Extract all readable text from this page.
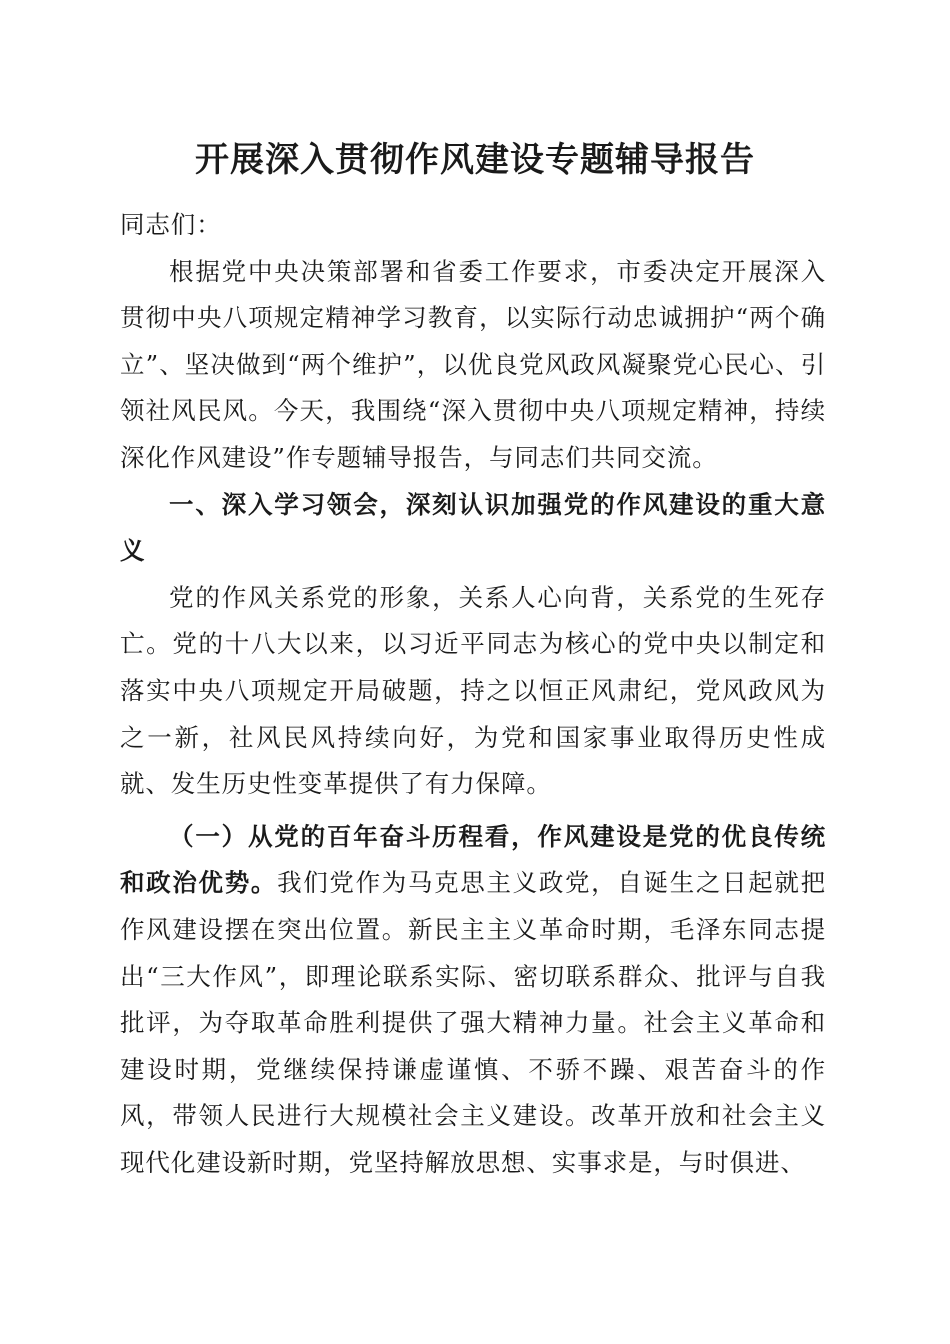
开展深入贯彻作风建设专题辅导报告

同志们：

根据党中央决策部署和省委工作要求，市委决定开展深入贯彻中央八项规定精神学习教育，以实际行动忠诚拥护“两个确立”、坚决做到“两个维护”，以优良党风政风凝聚党心民心、引领社风民风。今天，我围绕“深入贯彻中央八项规定精神，持续深化作风建设”作专题辅导报告，与同志们共同交流。

一、深入学习领会，深刻认识加强党的作风建设的重大意义

党的作风关系党的形象，关系人心向背，关系党的生死存亡。党的十八大以来，以习近平同志为核心的党中央以制定和落实中央八项规定开局破题，持之以恒正风肃纪，党风政风为之一新，社风民风持续向好，为党和国家事业取得历史性成就、发生历史性变革提供了有力保障。

（一）从党的百年奋斗历程看，作风建设是党的优良传统和政治优势。我们党作为马克思主义政党，自诞生之日起就把作风建设摆在突出位置。新民主主义革命时期，毛泽东同志提出“三大作风”，即理论联系实际、密切联系群众、批评与自我批评，为夺取革命胜利提供了强大精神力量。社会主义革命和建设时期，党继续保持谦虚谨慎、不骄不躁、艰苦奋斗的作风，带领人民进行大规模社会主义建设。改革开放和社会主义现代化建设新时期，党坚持解放思想、实事求是，与时俱进、
